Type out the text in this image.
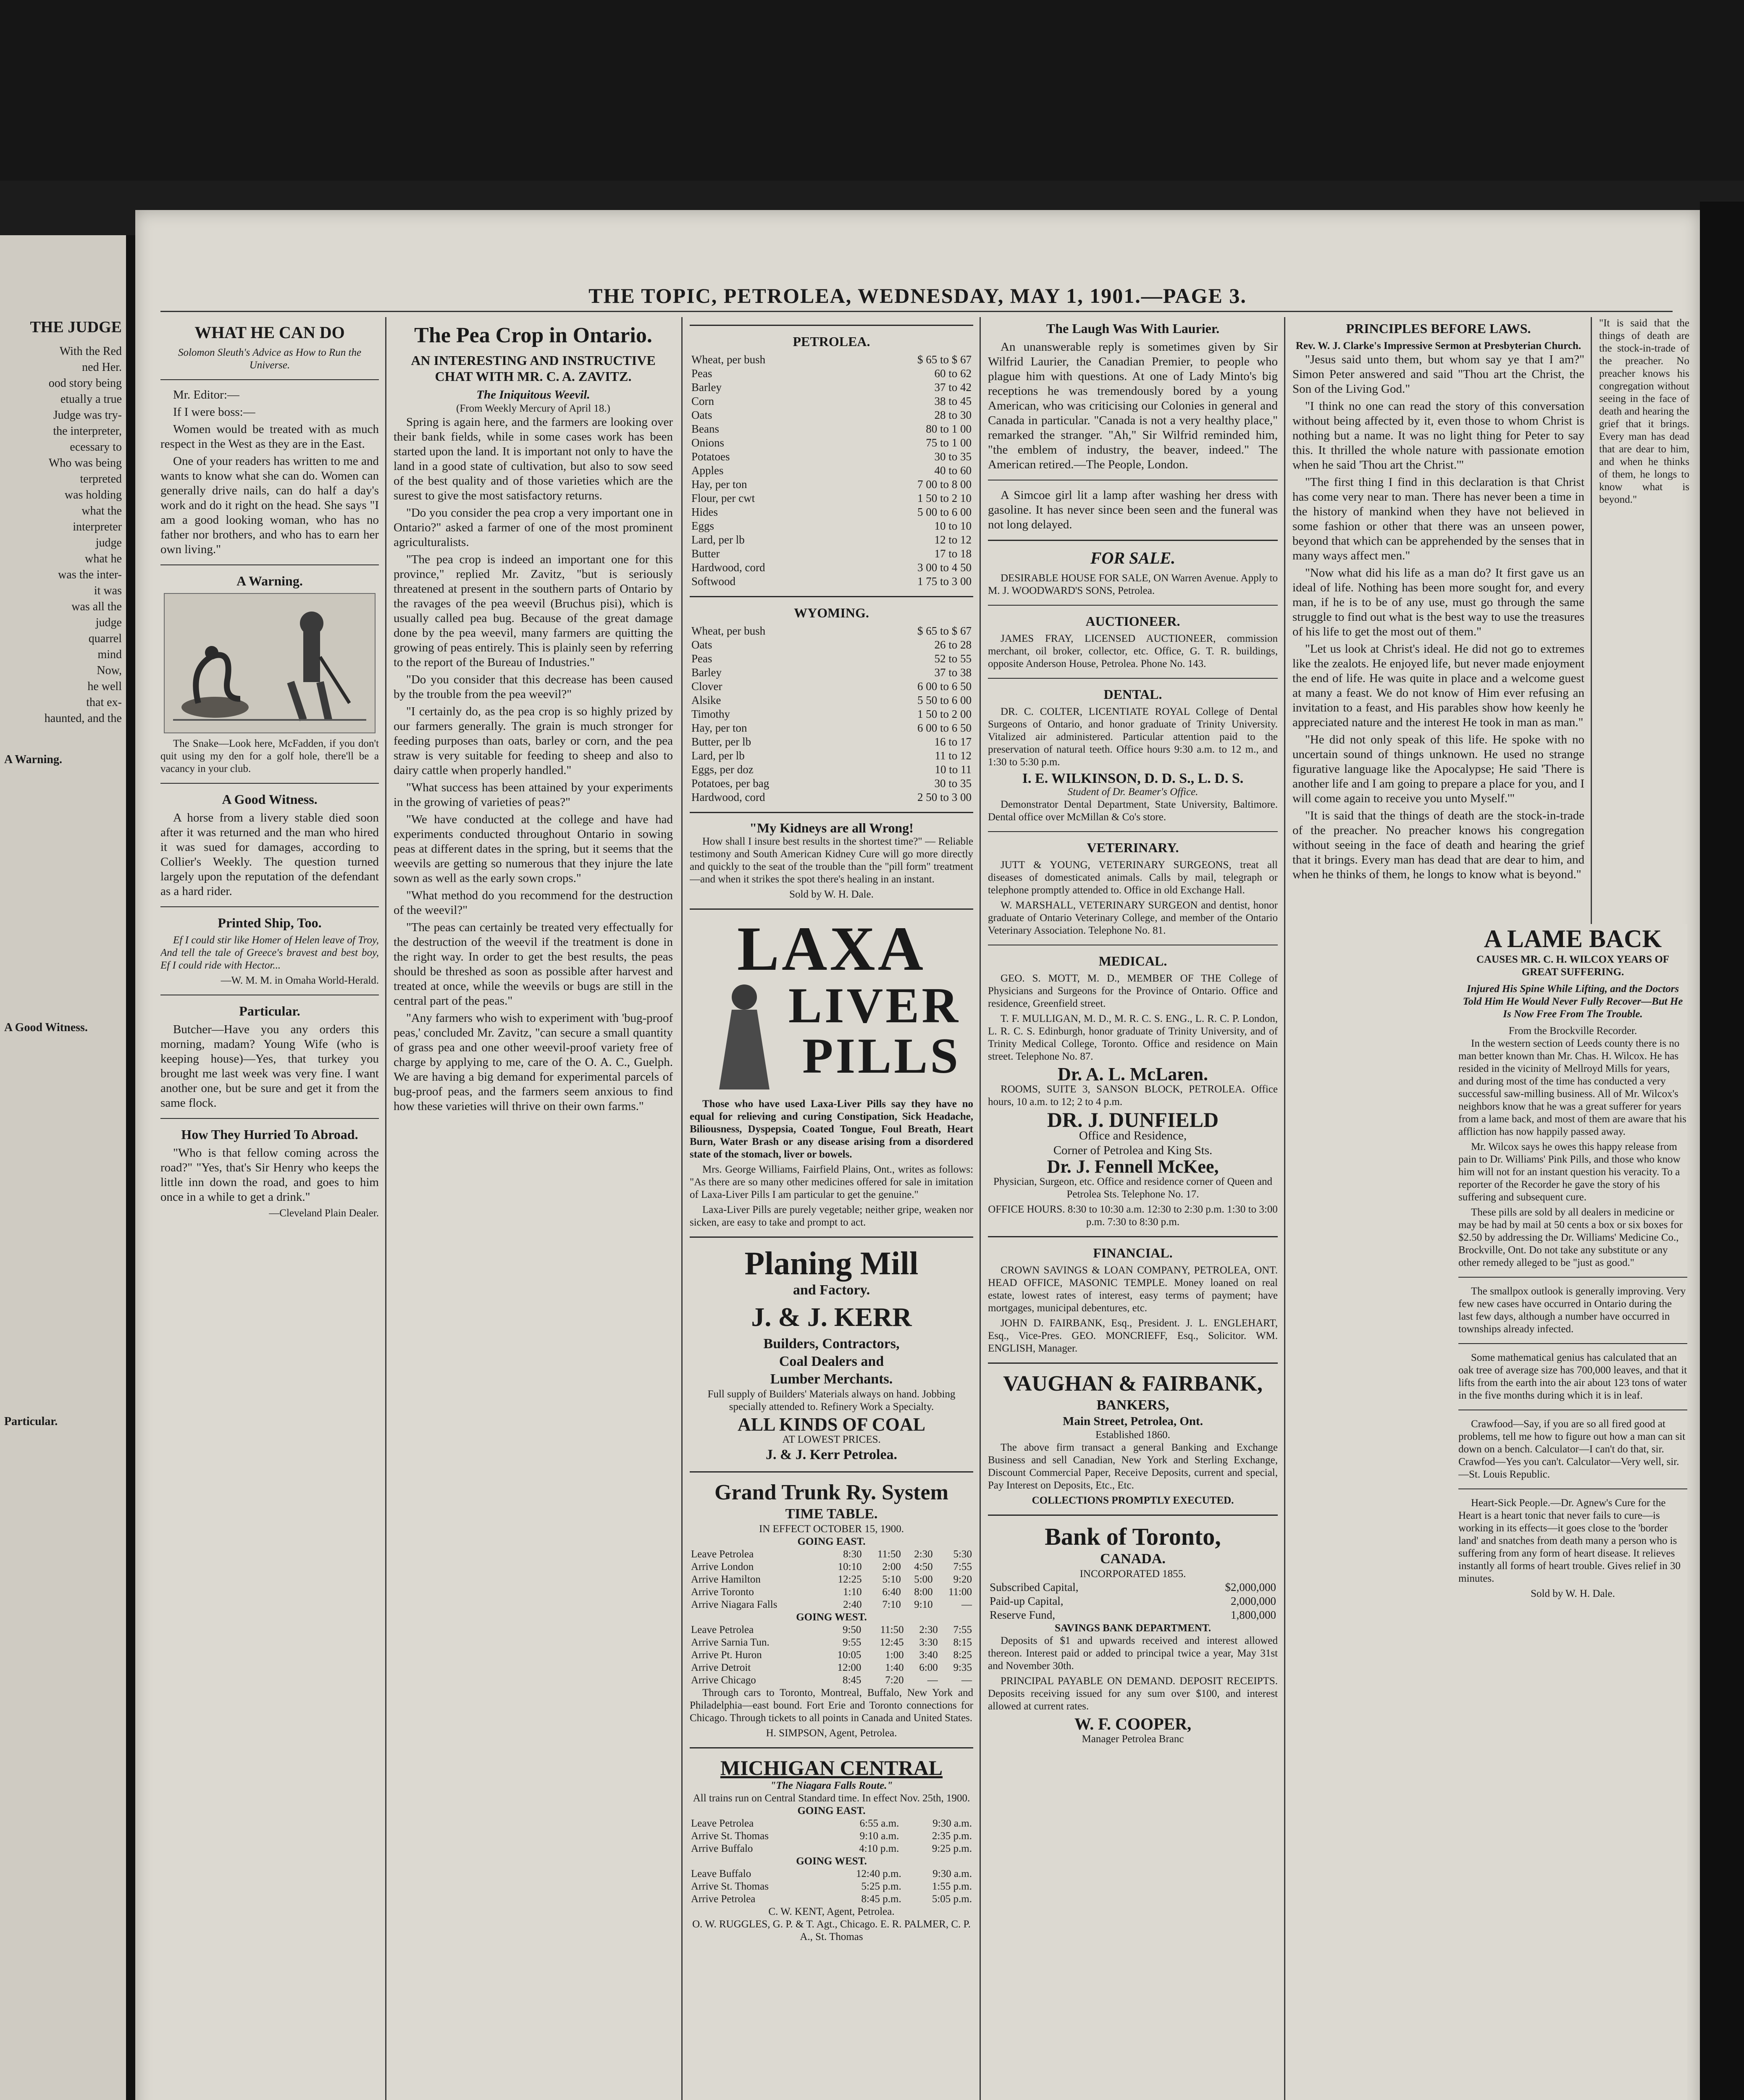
THE JUDGE
With the Red
ned Her.
ood story being
etually a true
Judge was try-
the interpreter,
ecessary to
Who was being
terpreted
was holding
what the
interpreter
judge
what he
was the inter-
it was
was all the
judge
quarrel
mind
Now,
he well
that ex-
haunted, and the
A Warning.
A Good Witness.
Particular.
THE TOPIC, PETROLEA, WEDNESDAY, MAY 1, 1901.—PAGE 3.
WHAT HE CAN DO
Solomon Sleuth's Advice as How to Run the Universe.

Mr. Editor:—

If I were boss:—

Women would be treated with as much respect in the West as they are in the East.

One of your readers has written to me and wants to know what she can do. Women can generally drive nails, can do half a day's work and do it right on the head. She says "I am a good looking woman, who has no father nor brothers, and who has to earn her own living."

A Warning.

The Snake—Look here, McFadden, if you don't quit using my den for a golf hole, there'll be a vacancy in your club.

A Good Witness.

A horse from a livery stable died soon after it was returned and the man who hired it was sued for damages, according to Collier's Weekly. The question turned largely upon the reputation of the defendant as a hard rider.

Printed Ship, Too.

Ef I could stir like Homer of Helen leave of Troy, And tell the tale of Greece's bravest and best boy, Ef I could ride with Hector...

—W. M. M. in Omaha World-Herald.
Particular.

Butcher—Have you any orders this morning, madam? Young Wife (who is keeping house)—Yes, that turkey you brought me last week was very fine. I want another one, but be sure and get it from the same flock.

How They Hurried To Abroad.

"Who is that fellow coming across the road?" "Yes, that's Sir Henry who keeps the little inn down the road, and goes to him once in a while to get a drink."

—Cleveland Plain Dealer.
The Pea Crop in Ontario.
AN INTERESTING AND INSTRUCTIVE CHAT WITH MR. C. A. ZAVITZ.
The Iniquitous Weevil.
(From Weekly Mercury of April 18.)

Spring is again here, and the farmers are looking over their bank fields, while in some cases work has been started upon the land. It is important not only to have the land in a good state of cultivation, but also to sow seed of the best quality and of those varieties which are the surest to give the most satisfactory returns.

"Do you consider the pea crop a very important one in Ontario?" asked a farmer of one of the most prominent agriculturalists.

"The pea crop is indeed an important one for this province," replied Mr. Zavitz, "but is seriously threatened at present in the southern parts of Ontario by the ravages of the pea weevil (Bruchus pisi), which is usually called pea bug. Because of the great damage done by the pea weevil, many farmers are quitting the growing of peas entirely. This is plainly seen by referring to the report of the Bureau of Industries."

"Do you consider that this decrease has been caused by the trouble from the pea weevil?"

"I certainly do, as the pea crop is so highly prized by our farmers generally. The grain is much stronger for feeding purposes than oats, barley or corn, and the pea straw is very suitable for feeding to sheep and also to dairy cattle when properly handled."

"What success has been attained by your experiments in the growing of varieties of peas?"

"We have conducted at the college and have had experiments conducted throughout Ontario in sowing peas at different dates in the spring, but it seems that the weevils are getting so numerous that they injure the late sown as well as the early sown crops."

"What method do you recommend for the destruction of the weevil?"

"The peas can certainly be treated very effectually for the destruction of the weevil if the treatment is done in the right way. In order to get the best results, the peas should be threshed as soon as possible after harvest and treated at once, while the weevils or bugs are still in the central part of the peas."

"Any farmers who wish to experiment with 'bug-proof peas,' concluded Mr. Zavitz, "can secure a small quantity of grass pea and one other weevil-proof variety free of charge by applying to me, care of the O. A. C., Guelph. We are having a big demand for experimental parcels of bug-proof peas, and the farmers seem anxious to find how these varieties will thrive on their own farms."

PETROLEA.
Wheat, per bush	$ 65 to $ 67
Peas	60 to 62
Barley	37 to 42
Corn	38 to 45
Oats	28 to 30
Beans	80 to 1 00
Onions	75 to 1 00
Potatoes	30 to 35
Apples	40 to 60
Hay, per ton	7 00 to 8 00
Flour, per cwt	1 50 to 2 10
Hides	5 00 to 6 00
Eggs	10 to 10
Lard, per lb	12 to 12
Butter	17 to 18
Hardwood, cord	3 00 to 4 50
Softwood	1 75 to 3 00
WYOMING.
Wheat, per bush	$ 65 to $ 67
Oats	26 to 28
Peas	52 to 55
Barley	37 to 38
Clover	6 00 to 6 50
Alsike	5 50 to 6 00
Timothy	1 50 to 2 00
Hay, per ton	6 00 to 6 50
Butter, per lb	16 to 17
Lard, per lb	11 to 12
Eggs, per doz	10 to 11
Potatoes, per bag	30 to 35
Hardwood, cord	2 50 to 3 00
"My Kidneys are all Wrong!

How shall I insure best results in the shortest time?" — Reliable testimony and South American Kidney Cure will go more directly and quickly to the seat of the trouble than the "pill form" treatment —and when it strikes the spot there's healing in an instant.

Sold by W. H. Dale.
LAXA
LIVER
PILLS

Those who have used Laxa-Liver Pills say they have no equal for relieving and curing Constipation, Sick Headache, Biliousness, Dyspepsia, Coated Tongue, Foul Breath, Heart Burn, Water Brash or any disease arising from a disordered state of the stomach, liver or bowels.

Mrs. George Williams, Fairfield Plains, Ont., writes as follows: "As there are so many other medicines offered for sale in imitation of Laxa-Liver Pills I am particular to get the genuine."

Laxa-Liver Pills are purely vegetable; neither gripe, weaken nor sicken, are easy to take and prompt to act.

Planing Mill
and Factory.
J. & J. KERR
Builders, Contractors,
Coal Dealers and
Lumber Merchants.

Full supply of Builders' Materials always on hand. Jobbing specially attended to. Refinery Work a Specialty.

ALL KINDS OF COAL
AT LOWEST PRICES.
J. & J. Kerr Petrolea.
Grand Trunk Ry. System
TIME TABLE.
IN EFFECT OCTOBER 15, 1900.
GOING EAST.
Leave Petrolea	8:30	11:50	2:30	5:30
Arrive London	10:10	2:00	4:50	7:55
Arrive Hamilton	12:25	5:10	5:00	9:20
Arrive Toronto	1:10	6:40	8:00	11:00
Arrive Niagara Falls	2:40	7:10	9:10	—
GOING WEST.
Leave Petrolea	9:50	11:50	2:30	7:55
Arrive Sarnia Tun.	9:55	12:45	3:30	8:15
Arrive Pt. Huron	10:05	1:00	3:40	8:25
Arrive Detroit	12:00	1:40	6:00	9:35
Arrive Chicago	8:45	7:20	—	—

Through cars to Toronto, Montreal, Buffalo, New York and Philadelphia—east bound. Fort Erie and Toronto connections for Chicago. Through tickets to all points in Canada and United States.

H. SIMPSON, Agent, Petrolea.
MICHIGAN CENTRAL
"The Niagara Falls Route."
All trains run on Central Standard time. In effect Nov. 25th, 1900.
GOING EAST.
Leave Petrolea	6:55 a.m.	9:30 a.m.
Arrive St. Thomas	9:10 a.m.	2:35 p.m.
Arrive Buffalo	4:10 p.m.	9:25 p.m.
GOING WEST.
Leave Buffalo	12:40 p.m.	9:30 a.m.
Arrive St. Thomas	5:25 p.m.	1:55 p.m.
Arrive Petrolea	8:45 p.m.	5:05 p.m.
C. W. KENT, Agent, Petrolea.
O. W. RUGGLES, G. P. & T. Agt., Chicago. E. R. PALMER, C. P. A., St. Thomas
The Laugh Was With Laurier.

An unanswerable reply is sometimes given by Sir Wilfrid Laurier, the Canadian Premier, to people who plague him with questions. At one of Lady Minto's big receptions he was tremendously bored by a young American, who was criticising our Colonies in general and Canada in particular. "Canada is not a very healthy place," remarked the stranger. "Ah," Sir Wilfrid reminded him, "the emblem of industry, the beaver, indeed." The American retired.—The People, London.

A Simcoe girl lit a lamp after washing her dress with gasoline. It has never since been seen and the funeral was not long delayed.

FOR SALE.

DESIRABLE HOUSE FOR SALE, ON Warren Avenue. Apply to M. J. WOODWARD'S SONS, Petrolea.

AUCTIONEER.

JAMES FRAY, LICENSED AUCTIONEER, commission merchant, oil broker, collector, etc. Office, G. T. R. buildings, opposite Anderson House, Petrolea. Phone No. 143.

DENTAL.

DR. C. COLTER, LICENTIATE ROYAL College of Dental Surgeons of Ontario, and honor graduate of Trinity University. Vitalized air administered. Particular attention paid to the preservation of natural teeth. Office hours 9:30 a.m. to 12 m., and 1:30 to 5:30 p.m.

I. E. WILKINSON, D. D. S., L. D. S.
Student of Dr. Beamer's Office.

Demonstrator Dental Department, State University, Baltimore. Dental office over McMillan & Co's store.

VETERINARY.

JUTT & YOUNG, VETERINARY SURGEONS, treat all diseases of domesticated animals. Calls by mail, telegraph or telephone promptly attended to. Office in old Exchange Hall.

W. MARSHALL, VETERINARY SURGEON and dentist, honor graduate of Ontario Veterinary College, and member of the Ontario Veterinary Association. Telephone No. 81.

MEDICAL.

GEO. S. MOTT, M. D., MEMBER OF THE College of Physicians and Surgeons for the Province of Ontario. Office and residence, Greenfield street.

T. F. MULLIGAN, M. D., M. R. C. S. ENG., L. R. C. P. London, L. R. C. S. Edinburgh, honor graduate of Trinity University, and of Trinity Medical College, Toronto. Office and residence on Main street. Telephone No. 87.

Dr. A. L. McLaren.

ROOMS, SUITE 3, SANSON BLOCK, PETROLEA. Office hours, 10 a.m. to 12; 2 to 4 p.m.

DR. J. DUNFIELD
Office and Residence,
Corner of Petrolea and King Sts.
Dr. J. Fennell McKee,

Physician, Surgeon, etc. Office and residence corner of Queen and Petrolea Sts. Telephone No. 17.

OFFICE HOURS. 8:30 to 10:30 a.m. 12:30 to 2:30 p.m. 1:30 to 3:00 p.m. 7:30 to 8:30 p.m.

FINANCIAL.

CROWN SAVINGS & LOAN COMPANY, PETROLEA, ONT. HEAD OFFICE, MASONIC TEMPLE. Money loaned on real estate, lowest rates of interest, easy terms of payment; have mortgages, municipal debentures, etc.

JOHN D. FAIRBANK, Esq., President. J. L. ENGLEHART, Esq., Vice-Pres. GEO. MONCRIEFF, Esq., Solicitor. WM. ENGLISH, Manager.

VAUGHAN & FAIRBANK,
BANKERS,
Main Street, Petrolea, Ont.
Established 1860.

The above firm transact a general Banking and Exchange Business and sell Canadian, New York and Sterling Exchange, Discount Commercial Paper, Receive Deposits, current and special, Pay Interest on Deposits, Etc., Etc.

COLLECTIONS PROMPTLY EXECUTED.
Bank of Toronto,
CANADA.
INCORPORATED 1855.
Subscribed Capital,	$2,000,000
Paid-up Capital,	2,000,000
Reserve Fund,	1,800,000
SAVINGS BANK DEPARTMENT.

Deposits of $1 and upwards received and interest allowed thereon. Interest paid or added to principal twice a year, May 31st and November 30th.

PRINCIPAL PAYABLE ON DEMAND. DEPOSIT RECEIPTS. Deposits receiving issued for any sum over $100, and interest allowed at current rates.

W. F. COOPER,
Manager Petrolea Branc
PRINCIPLES BEFORE LAWS.
Rev. W. J. Clarke's Impressive Sermon at Presbyterian Church.

"Jesus said unto them, but whom say ye that I am?" Simon Peter answered and said "Thou art the Christ, the Son of the Living God."

"I think no one can read the story of this conversation without being affected by it, even those to whom Christ is nothing but a name. It was no light thing for Peter to say this. It thrilled the whole nature with passionate emotion when he said 'Thou art the Christ.'"

"The first thing I find in this declaration is that Christ has come very near to man. There has never been a time in the history of mankind when they have not believed in some fashion or other that there was an unseen power, beyond that which can be apprehended by the senses that in many ways affect men."

"Now what did his life as a man do? It first gave us an ideal of life. Nothing has been more sought for, and every man, if he is to be of any use, must go through the same struggle to find out what is the best way to use the treasures of his life to get the most out of them."

"Let us look at Christ's ideal. He did not go to extremes like the zealots. He enjoyed life, but never made enjoyment the end of life. He was quite in place and a welcome guest at many a feast. We do not know of Him ever refusing an invitation to a feast, and His parables show how keenly he appreciated nature and the interest He took in man as man."

"He did not only speak of this life. He spoke with no uncertain sound of things unknown. He used no strange figurative language like the Apocalypse; He said 'There is another life and I am going to prepare a place for you, and I will come again to receive you unto Myself.'"

"It is said that the things of death are the stock-in-trade of the preacher. No preacher knows his congregation without seeing in the face of death and hearing the grief that it brings. Every man has dead that are dear to him, and when he thinks of them, he longs to know what is beyond."

"It is said that the things of death are the stock-in-trade of the preacher. No preacher knows his congregation without seeing in the face of death and hearing the grief that it brings. Every man has dead that are dear to him, and when he thinks of them, he longs to know what is beyond."

A LAME BACK
CAUSES MR. C. H. WILCOX YEARS OF GREAT SUFFERING.
Injured His Spine While Lifting, and the Doctors Told Him He Would Never Fully Recover—But He Is Now Free From The Trouble.
From the Brockville Recorder.

In the western section of Leeds county there is no man better known than Mr. Chas. H. Wilcox. He has resided in the vicinity of Mellroyd Mills for years, and during most of the time has conducted a very successful saw-milling business. All of Mr. Wilcox's neighbors know that he was a great sufferer for years from a lame back, and most of them are aware that his affliction has now happily passed away.

Mr. Wilcox says he owes this happy release from pain to Dr. Williams' Pink Pills, and those who know him will not for an instant question his veracity. To a reporter of the Recorder he gave the story of his suffering and subsequent cure.

These pills are sold by all dealers in medicine or may be had by mail at 50 cents a box or six boxes for $2.50 by addressing the Dr. Williams' Medicine Co., Brockville, Ont. Do not take any substitute or any other remedy alleged to be "just as good."

The smallpox outlook is generally improving. Very few new cases have occurred in Ontario during the last few days, although a number have occurred in townships already infected.

Some mathematical genius has calculated that an oak tree of average size has 700,000 leaves, and that it lifts from the earth into the air about 123 tons of water in the five months during which it is in leaf.

Crawfood—Say, if you are so all fired good at problems, tell me how to figure out how a man can sit down on a bench. Calculator—I can't do that, sir. Crawfod—Yes you can't. Calculator—Very well, sir. —St. Louis Republic.

Heart-Sick People.—Dr. Agnew's Cure for the Heart is a heart tonic that never fails to cure—is working in its effects—it goes close to the 'border land' and snatches from death many a person who is suffering from any form of heart disease. It relieves instantly all forms of heart trouble. Gives relief in 30 minutes.

Sold by W. H. Dale.
